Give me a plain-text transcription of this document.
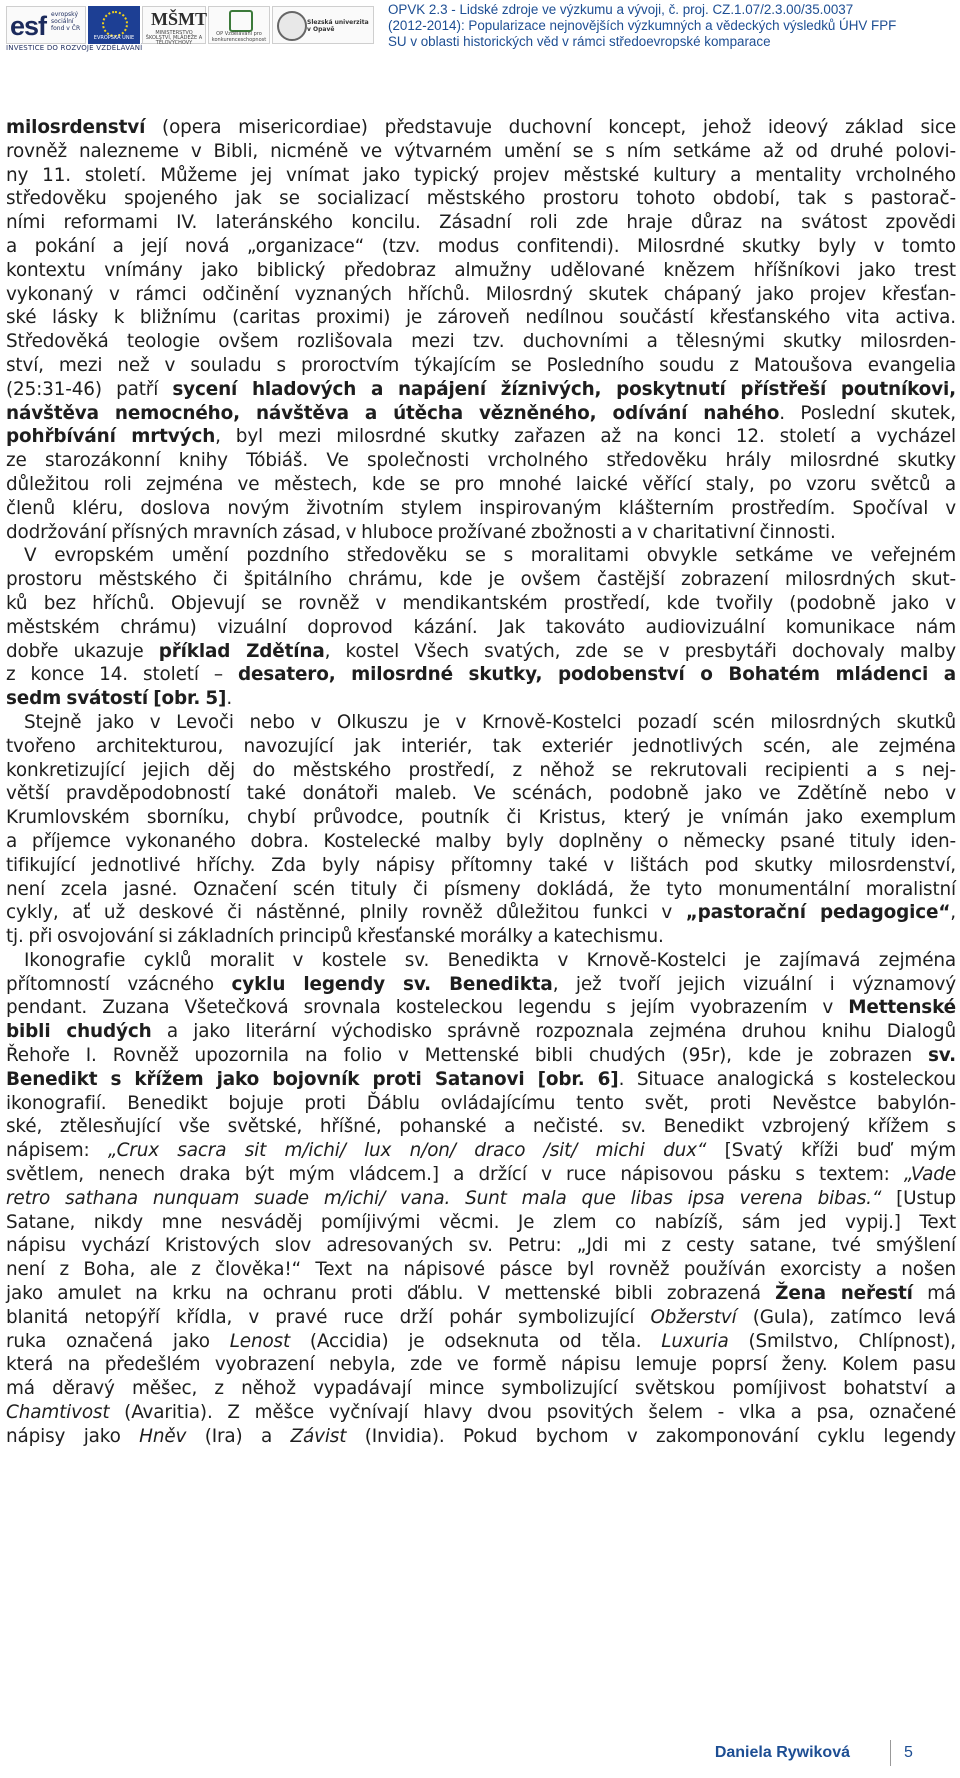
esf evropský sociální fond v ČR
EVROPSKÁ UNIE
MŠMT
MINISTERSTVO ŠKOLSTVÍ, MLÁDEŽE A TĚLOVÝCHOVY
OP Vzdělávání pro konkurenceschopnost
Slezská univerzita v Opavě
INVESTICE DO ROZVOJE VZDĚLÁVÁNÍ
OPVK 2.3 - Lidské zdroje ve výzkumu a vývoji, č. proj. CZ.1.07/2.3.00/35.0037
(2012-2014): Popularizace nejnovějších výzkumných a vědeckých výsledků ÚHV FPF
SU v oblasti historických věd v rámci středoevropské komparace
milosrdenství (opera misericordiae) představuje duchovní koncept, jehož ideový základ sice
rovněž nalezneme v Bibli, nicméně ve výtvarném umění se s ním setkáme až od druhé polovi-
ny 11. století. Můžeme jej vnímat jako typický projev městské kultury a mentality vrcholného
středověku spojeného jak se socializací městského prostoru tohoto období, tak s pastorač-
ními reformami IV. lateránského koncilu. Zásadní roli zde hraje důraz na svátost zpovědi
a pokání a její nová „organizace“ (tzv. modus confitendi). Milosrdné skutky byly v tomto
kontextu vnímány jako biblický předobraz almužny udělované knězem hříšníkovi jako trest
vykonaný v rámci odčinění vyznaných hříchů. Milosrdný skutek chápaný jako projev křesťan-
ské lásky k bližnímu (caritas proximi) je zároveň nedílnou součástí křesťanského vita activa.
Středověká teologie ovšem rozlišovala mezi tzv. duchovními a tělesnými skutky milosrden-
ství, mezi než v souladu s proroctvím týkajícím se Posledního soudu z Matoušova evangelia
(25:31-46) patří sycení hladových a napájení žíznivých, poskytnutí přístřeší poutníkovi,
návštěva nemocného, návštěva a útěcha vězněného, odívání nahého. Poslední skutek,
pohřbívání mrtvých, byl mezi milosrdné skutky zařazen až na konci 12. století a vycházel
ze starozákonní knihy Tóbiáš. Ve společnosti vrcholného středověku hrály milosrdné skutky
důležitou roli zejména ve městech, kde se pro mnohé laické věřící staly, po vzoru světců a
členů kléru, doslova novým životním stylem inspirovaným klášterním prostředím. Spočíval v
dodržování přísných mravních zásad, v hluboce prožívané zbožnosti a v charitativní činnosti.
V evropském umění pozdního středověku se s moralitami obvykle setkáme ve veřejném
prostoru městského či špitálního chrámu, kde je ovšem častější zobrazení milosrdných skut-
ků bez hříchů. Objevují se rovněž v mendikantském prostředí, kde tvořily (podobně jako v
městském chrámu) vizuální doprovod kázání. Jak takováto audiovizuální komunikace nám
dobře ukazuje příklad Zdětína, kostel Všech svatých, zde se v presbytáři dochovaly malby
z konce 14. století – desatero, milosrdné skutky, podobenství o Bohatém mládenci a
sedm svátostí [obr. 5].
Stejně jako v Levoči nebo v Olkuszu je v Krnově-Kostelci pozadí scén milosrdných skutků
tvořeno architekturou, navozující jak interiér, tak exteriér jednotlivých scén, ale zejména
konkretizující jejich děj do městského prostředí, z něhož se rekrutovali recipienti a s nej-
větší pravděpodobností také donátoři maleb. Ve scénách, podobně jako ve Zdětíně nebo v
Krumlovském sborníku, chybí průvodce, poutník či Kristus, který je vnímán jako exemplum
a příjemce vykonaného dobra. Kostelecké malby byly doplněny o německy psané tituly iden-
tifikující jednotlivé hříchy. Zda byly nápisy přítomny také v lištách pod skutky milosrdenství,
není zcela jasné. Označení scén tituly či písmeny dokládá, že tyto monumentální moralistní
cykly, ať už deskové či nástěnné, plnily rovněž důležitou funkci v „pastorační pedagogice“,
tj. při osvojování si základních principů křesťanské morálky a katechismu.
Ikonografie cyklů moralit v kostele sv. Benedikta v Krnově-Kostelci je zajímavá zejména
přítomností vzácného cyklu legendy sv. Benedikta, jež tvoří jejich vizuální i významový
pendant. Zuzana Všetečková srovnala kosteleckou legendu s jejím vyobrazením v Mettenské
bibli chudých a jako literární východisko správně rozpoznala zejména druhou knihu Dialogů
Řehoře I. Rovněž upozornila na folio v Mettenské bibli chudých (95r), kde je zobrazen sv.
Benedikt s křížem jako bojovník proti Satanovi [obr. 6]. Situace analogická s kosteleckou
ikonografií. Benedikt bojuje proti Ďáblu ovládajícímu tento svět, proti Nevěstce babylón-
ské, ztělesňující vše světské, hříšné, pohanské a nečisté. sv. Benedikt vzbrojený křížem s
nápisem: „Crux sacra sit m/ichi/ lux n/on/ draco /sit/ michi dux“ [Svatý kříži buď mým
světlem, nenech draka být mým vládcem.] a držící v ruce nápisovou pásku s textem: „Vade
retro sathana nunquam suade m/ichi/ vana. Sunt mala que libas ipsa verena bibas.“ [Ustup
Satane, nikdy mne nesváděj pomíjivými věcmi. Je zlem co nabízíš, sám jed vypij.] Text
nápisu vychází Kristových slov adresovaných sv. Petru: „Jdi mi z cesty satane, tvé smýšlení
není z Boha, ale z člověka!“ Text na nápisové pásce byl rovněž používán exorcisty a nošen
jako amulet na krku na ochranu proti ďáblu. V mettenské bibli zobrazená Žena neřestí má
blanitá netopýří křídla, v pravé ruce drží pohár symbolizující Obžerství (Gula), zatímco levá
ruka označená jako Lenost (Accidia) je odseknuta od těla. Luxuria (Smilstvo, Chlípnost),
která na předešlém vyobrazení nebyla, zde ve formě nápisu lemuje poprsí ženy. Kolem pasu
má děravý měšec, z něhož vypadávají mince symbolizující světskou pomíjivost bohatství a
Chamtivost (Avaritia). Z měšce vyčnívají hlavy dvou psovitých šelem - vlka a psa, označené
nápisy jako Hněv (Ira) a Závist (Invidia). Pokud bychom v zakomponování cyklu legendy
Daniela Rywiková	5
